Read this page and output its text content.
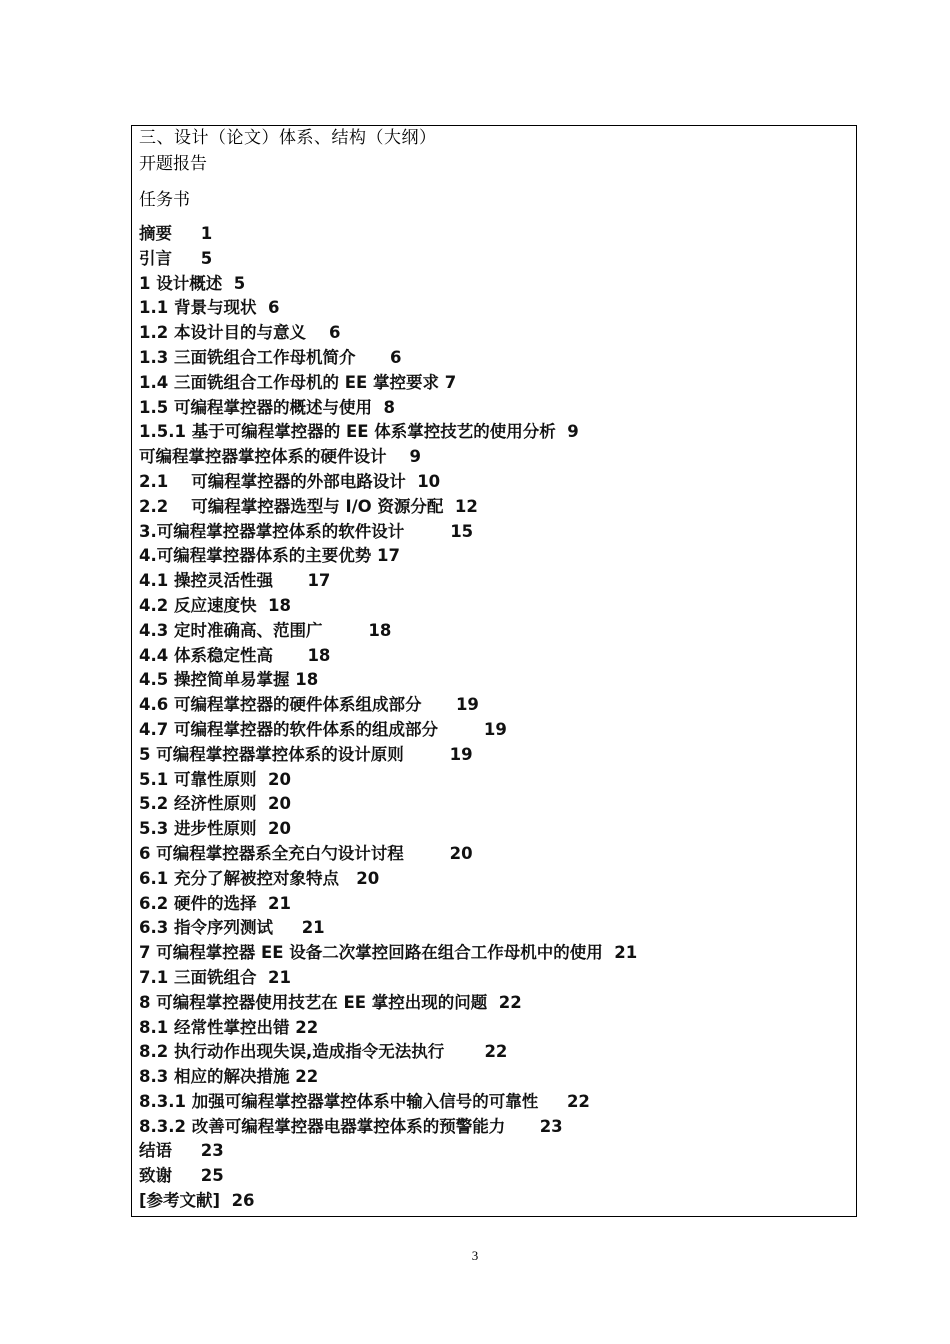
三、设计（论文）体系、结构（大纲）
开题报告
任务书
摘要     1
引言     5
1 设计概述  5
1.1 背景与现状  6
1.2 本设计目的与意义    6
1.3 三面铣组合工作母机简介      6
1.4 三面铣组合工作母机的 EE 掌控要求 7
1.5 可编程掌控器的概述与使用  8
1.5.1 基于可编程掌控器的 EE 体系掌控技艺的使用分析  9
可编程掌控器掌控体系的硬件设计    9
2.1    可编程掌控器的外部电路设计  10
2.2    可编程掌控器选型与 I/O 资源分配  12
3.可编程掌控器掌控体系的软件设计        15
4.可编程掌控器体系的主要优势 17
4.1 操控灵活性强      17
4.2 反应速度快  18
4.3 定时准确高、范围广        18
4.4 体系稳定性高      18
4.5 操控简单易掌握 18
4.6 可编程掌控器的硬件体系组成部分      19
4.7 可编程掌控器的软件体系的组成部分        19
5 可编程掌控器掌控体系的设计原则        19
5.1 可靠性原则  20
5.2 经济性原则  20
5.3 进步性原则  20
6 可编程掌控器系全充白勺设计讨程        20
6.1 充分了解被控对象特点   20
6.2 硬件的选择  21
6.3 指令序列测试     21
7 可编程掌控器 EE 设备二次掌控回路在组合工作母机中的使用  21
7.1 三面铣组合  21
8 可编程掌控器使用技艺在 EE 掌控出现的问题  22
8.1 经常性掌控出错 22
8.2 执行动作出现失误,造成指令无法执行       22
8.3 相应的解决措施 22
8.3.1 加强可编程掌控器掌控体系中输入信号的可靠性     22
8.3.2 改善可编程掌控器电器掌控体系的预警能力      23
结语     23
致谢     25
[参考文献]  26
3
